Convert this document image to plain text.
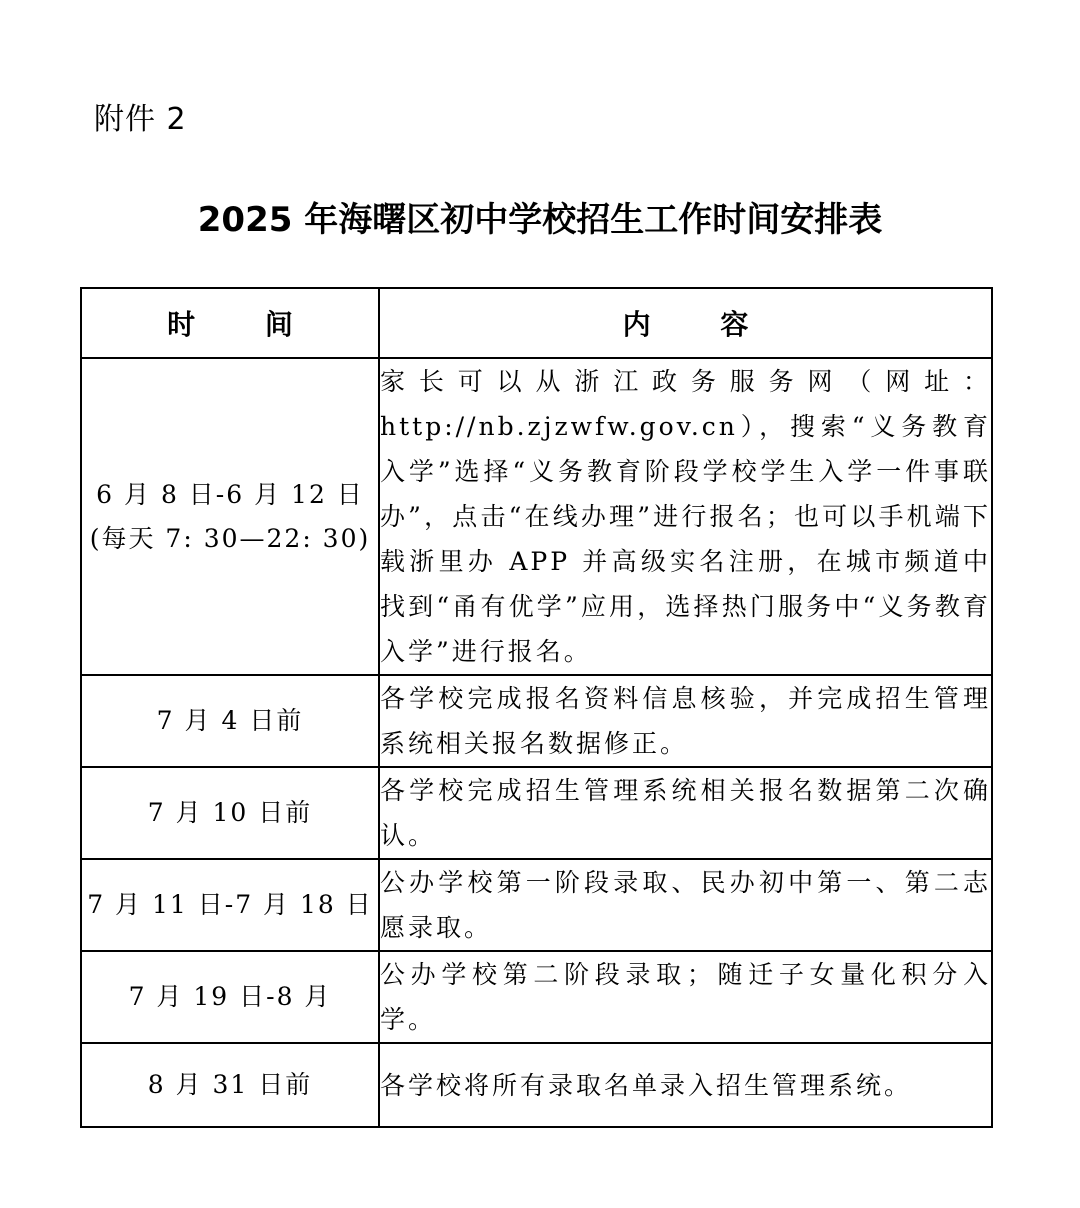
附件 2
2025 年海曙区初中学校招生工作时间安排表
时 间	内 容
6 月 8 日-6 月 12 日(每天 7: 30—22: 30)	家长可以从浙江政务服务网（网址：http://nb.zjzwfw.gov.cn），搜索“义务教育入学”选择“义务教育阶段学校学生入学一件事联办”，点击“在线办理”进行报名；也可以手机端下载浙里办 APP 并高级实名注册，在城市频道中找到“甬有优学”应用，选择热门服务中“义务教育入学”进行报名。
7 月 4 日前	各学校完成报名资料信息核验，并完成招生管理系统相关报名数据修正。
7 月 10 日前	各学校完成招生管理系统相关报名数据第二次确认。
7 月 11 日-7 月 18 日	公办学校第一阶段录取、民办初中第一、第二志愿录取。
7 月 19 日-8 月	公办学校第二阶段录取；随迁子女量化积分入学。
8 月 31 日前	各学校将所有录取名单录入招生管理系统。
